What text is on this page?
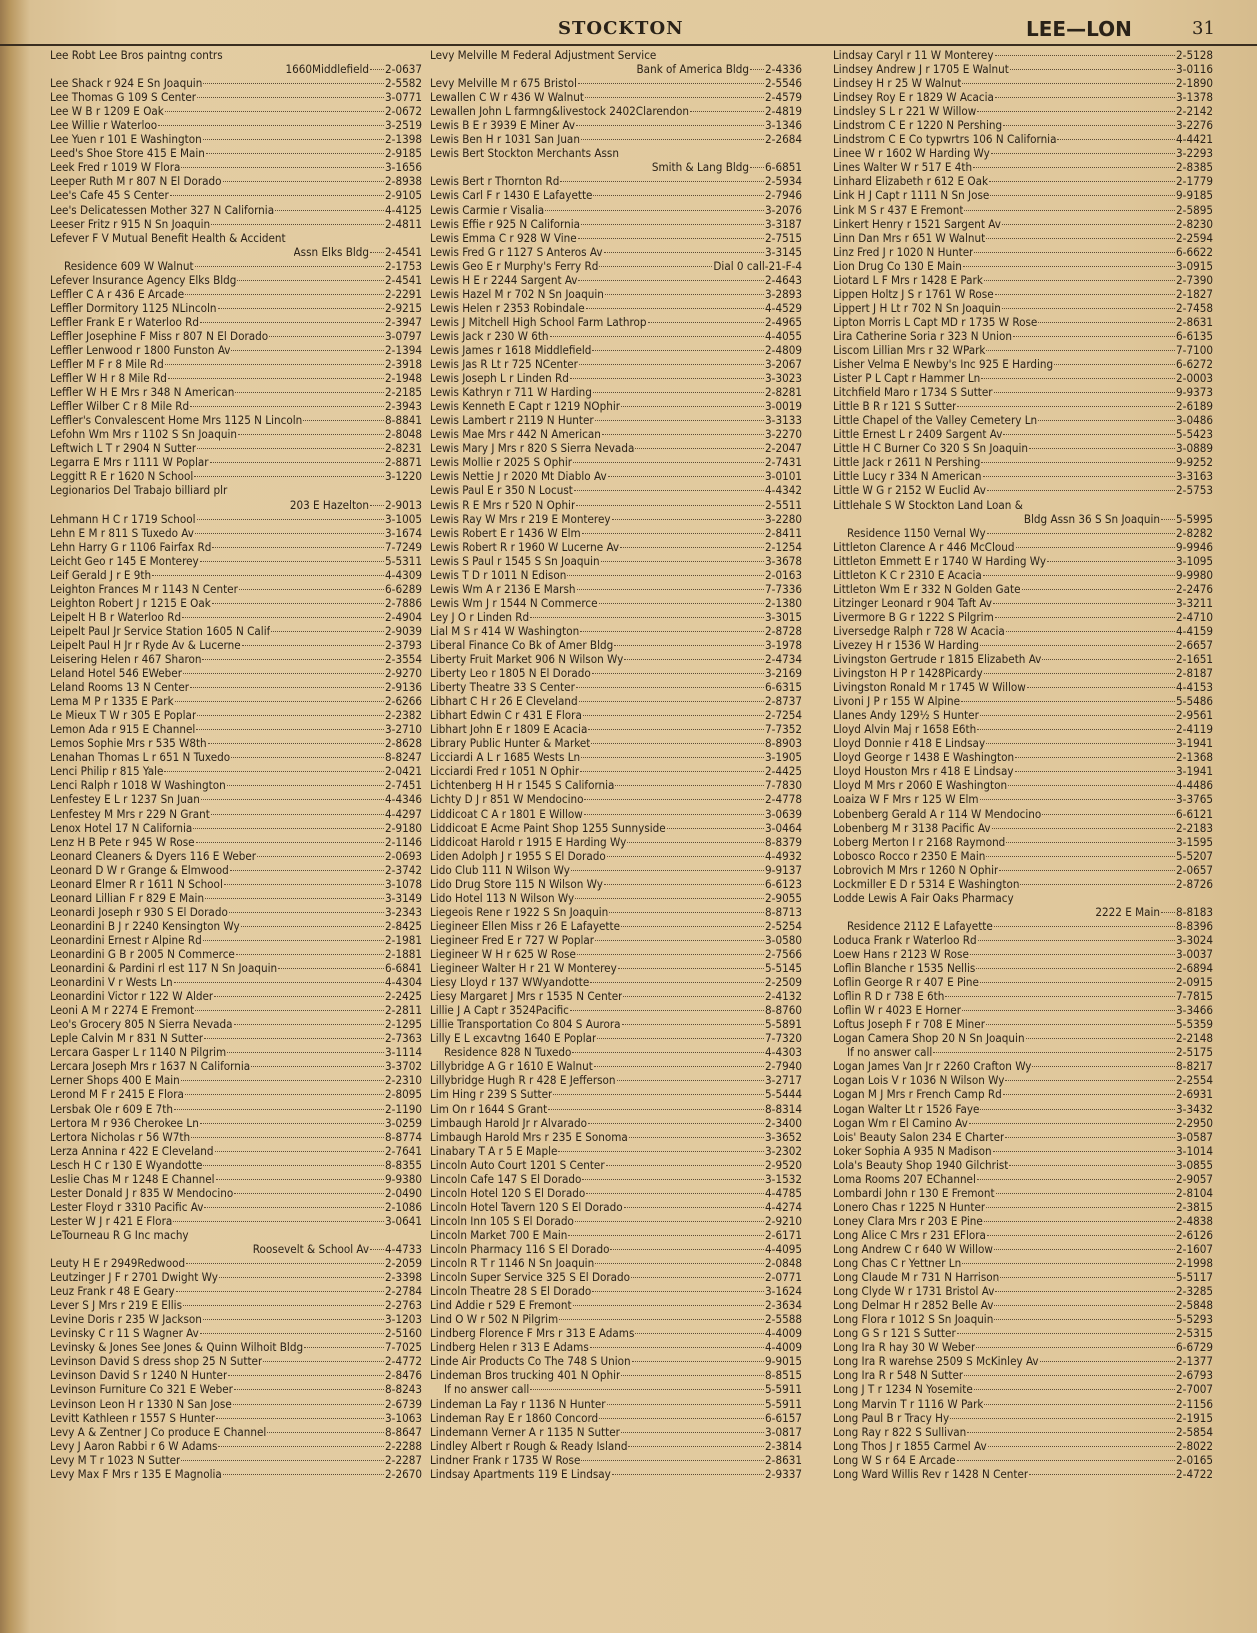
STOCKTON	LEE—LON	31
Lee Robt Lee Bros paintng contrs
1660Middlefield 2-0637
Lee Shack r 924 E Sn Joaquin	2-5582
Lee Thomas G 109 S Center	3-0771
Lee W B r 1209 E Oak	2-0672
Lee Willie r Waterloo	3-2519
Lee Yuen r 101 E Washington	2-1398
Leed's Shoe Store 415 E Main	2-9185
Leek Fred r 1019 W Flora	3-1656
Leeper Ruth M r 807 N El Dorado	2-8938
Lee's Cafe 45 S Center	2-9105
Lee's Delicatessen Mother 327 N California	4-4125
Leeser Fritz r 915 N Sn Joaquin	2-4811
Lefever F V Mutual Benefit Health & Accident
Assn Elks Bldg 2-4541
Residence 609 W Walnut	2-1753
Lefever Insurance Agency Elks Bldg	2-4541
Leffler C A r 436 E Arcade	2-2291
Leffler Dormitory 1125 NLincoln	2-9215
Leffler Frank E r Waterloo Rd	2-3947
Leffler Josephine F Miss r 807 N El Dorado	3-0797
Leffler Lenwood r 1800 Funston Av	2-1394
Leffler M F r 8 Mile Rd	2-3918
Leffler W H r 8 Mile Rd	2-1948
Leffler W H E Mrs r 348 N American	2-2185
Leffler Wilber C r 8 Mile Rd	2-3943
Leffler's Convalescent Home Mrs 1125 N Lincoln	8-8841
Lefohn Wm Mrs r 1102 S Sn Joaquin	2-8048
Leftwich L T r 2904 N Sutter	2-8231
Legarra E Mrs r 1111 W Poplar	2-8871
Leggitt R E r 1620 N School	3-1220
Legionarios Del Trabajo billiard plr
203 E Hazelton 2-9013
Lehmann H C r 1719 School	3-1005
Lehn E M r 811 S Tuxedo Av	3-1674
Lehn Harry G r 1106 Fairfax Rd	7-7249
Leicht Geo r 145 E Monterey	5-5311
Leif Gerald J r E 9th	4-4309
Leighton Frances M r 1143 N Center	6-6289
Leighton Robert J r 1215 E Oak	2-7886
Leipelt H B r Waterloo Rd	2-4904
Leipelt Paul Jr Service Station 1605 N Calif	2-9039
Leipelt Paul H Jr r Ryde Av & Lucerne	2-3793
Leisering Helen r 467 Sharon	2-3554
Leland Hotel 546 EWeber	2-9270
Leland Rooms 13 N Center	2-9136
Lema M P r 1335 E Park	2-6266
Le Mieux T W r 305 E Poplar	2-2382
Lemon Ada r 915 E Channel	3-2710
Lemos Sophie Mrs r 535 W8th	2-8628
Lenahan Thomas L r 651 N Tuxedo	8-8247
Lenci Philip r 815 Yale	2-0421
Lenci Ralph r 1018 W Washington	2-7451
Lenfestey E L r 1237 Sn Juan	4-4346
Lenfestey M Mrs r 229 N Grant	4-4297
Lenox Hotel 17 N California	2-9180
Lenz H B Pete r 945 W Rose	2-1146
Leonard Cleaners & Dyers 116 E Weber	2-0693
Leonard D W r Grange & Elmwood	2-3742
Leonard Elmer R r 1611 N School	3-1078
Leonard Lillian F r 829 E Main	3-3149
Leonardi Joseph r 930 S El Dorado	3-2343
Leonardini B J r 2240 Kensington Wy	2-8425
Leonardini Ernest r Alpine Rd	2-1981
Leonardini G B r 2005 N Commerce	2-1881
Leonardini & Pardini rl est 117 N Sn Joaquin	6-6841
Leonardini V r Wests Ln	4-4304
Leonardini Victor r 122 W Alder	2-2425
Leoni A M r 2274 E Fremont	2-2811
Leo's Grocery 805 N Sierra Nevada	2-1295
Leple Calvin M r 831 N Sutter	2-7363
Lercara Gasper L r 1140 N Pilgrim	3-1114
Lercara Joseph Mrs r 1637 N California	3-3702
Lerner Shops 400 E Main	2-2310
Lerond M F r 2415 E Flora	2-8095
Lersbak Ole r 609 E 7th	2-1190
Lertora M r 936 Cherokee Ln	3-0259
Lertora Nicholas r 56 W7th	8-8774
Lerza Annina r 422 E Cleveland	2-7641
Lesch H C r 130 E Wyandotte	8-8355
Leslie Chas M r 1248 E Channel	9-9380
Lester Donald J r 835 W Mendocino	2-0490
Lester Floyd r 3310 Pacific Av	2-1086
Lester W J r 421 E Flora	3-0641
LeTourneau R G Inc machy
Roosevelt & School Av 4-4733
Leuty H E r 2949Redwood	2-2059
Leutzinger J F r 2701 Dwight Wy	2-3398
Leuz Frank r 48 E Geary	2-2784
Lever S J Mrs r 219 E Ellis	2-2763
Levine Doris r 235 W Jackson	3-1203
Levinsky C r 11 S Wagner Av	2-5160
Levinsky & Jones See Jones & Quinn Wilhoit Bldg	7-7025
Levinson David S dress shop 25 N Sutter	2-4772
Levinson David S r 1240 N Hunter	2-8476
Levinson Furniture Co 321 E Weber	8-8243
Levinson Leon H r 1330 N San Jose	2-6739
Levitt Kathleen r 1557 S Hunter	3-1063
Levy A & Zentner J Co produce E Channel	8-8647
Levy J Aaron Rabbi r 6 W Adams	2-2288
Levy M T r 1023 N Sutter	2-2287
Levy Max F Mrs r 135 E Magnolia	2-2670
Levy Melville M Federal Adjustment Service
Bank of America Bldg 2-4336
Levy Melville M r 675 Bristol	2-5546
Lewallen C W r 436 W Walnut	2-4579
Lewallen John L farmng&livestock 2402Clarendon	2-4819
Lewis B E r 3939 E Miner Av	3-1346
Lewis Ben H r 1031 San Juan	2-2684
Lewis Bert Stockton Merchants Assn
Smith & Lang Bldg 6-6851
Lewis Bert r Thornton Rd	2-5934
Lewis Carl F r 1430 E Lafayette	2-7946
Lewis Carmie r Visalia	3-2076
Lewis Effie r 925 N California	3-3187
Lewis Emma C r 928 W Vine	2-7515
Lewis Fred G r 1127 S Anteros Av	3-3145
Lewis Geo E r Murphy's Ferry Rd	Dial 0 call-21-F-4
Lewis H E r 2244 Sargent Av	2-4643
Lewis Hazel M r 702 N Sn Joaquin	3-2893
Lewis Helen r 2353 Robindale	4-4529
Lewis J Mitchell High School Farm Lathrop	2-4965
Lewis Jack r 230 W 6th	4-4055
Lewis James r 1618 Middlefield	2-4809
Lewis Jas R Lt r 725 NCenter	3-2067
Lewis Joseph L r Linden Rd	3-3023
Lewis Kathryn r 711 W Harding	2-8281
Lewis Kenneth E Capt r 1219 NOphir	3-0019
Lewis Lambert r 2119 N Hunter	3-3133
Lewis Mae Mrs r 442 N American	3-2270
Lewis Mary J Mrs r 820 S Sierra Nevada	2-2047
Lewis Mollie r 2025 S Ophir	2-7431
Lewis Nettie J r 2020 Mt Diablo Av	3-0101
Lewis Paul E r 350 N Locust	4-4342
Lewis R E Mrs r 520 N Ophir	2-5511
Lewis Ray W Mrs r 219 E Monterey	3-2280
Lewis Robert E r 1436 W Elm	2-8411
Lewis Robert R r 1960 W Lucerne Av	2-1254
Lewis S Paul r 1545 S Sn Joaquin	3-3678
Lewis T D r 1011 N Edison	2-0163
Lewis Wm A r 2136 E Marsh	7-7336
Lewis Wm J r 1544 N Commerce	2-1380
Ley J O r Linden Rd	3-3015
Lial M S r 414 W Washington	2-8728
Liberal Finance Co Bk of Amer Bldg	3-1978
Liberty Fruit Market 906 N Wilson Wy	2-4734
Liberty Leo r 1805 N El Dorado	3-2169
Liberty Theatre 33 S Center	6-6315
Libhart C H r 26 E Cleveland	2-8737
Libhart Edwin C r 431 E Flora	2-7254
Libhart John E r 1809 E Acacia	7-7352
Library Public Hunter & Market	8-8903
Licciardi A L r 1685 Wests Ln	3-1905
Licciardi Fred r 1051 N Ophir	2-4425
Lichtenberg H H r 1545 S California	7-7830
Lichty D J r 851 W Mendocino	2-4778
Liddicoat C A r 1801 E Willow	3-0639
Liddicoat E Acme Paint Shop 1255 Sunnyside	3-0464
Liddicoat Harold r 1915 E Harding Wy	8-8379
Liden Adolph J r 1955 S El Dorado	4-4932
Lido Club 111 N Wilson Wy	9-9137
Lido Drug Store 115 N Wilson Wy	6-6123
Lido Hotel 113 N Wilson Wy	2-9055
Liegeois Rene r 1922 S Sn Joaquin	8-8713
Liegineer Ellen Miss r 26 E Lafayette	2-5254
Liegineer Fred E r 727 W Poplar	3-0580
Liegineer W H r 625 W Rose	2-7566
Liegineer Walter H r 21 W Monterey	5-5145
Liesy Lloyd r 137 WWyandotte	2-2509
Liesy Margaret J Mrs r 1535 N Center	2-4132
Lillie J A Capt r 3524Pacific	8-8760
Lillie Transportation Co 804 S Aurora	5-5891
Lilly E L excavtng 1640 E Poplar	7-7320
Residence 828 N Tuxedo	4-4303
Lillybridge A G r 1610 E Walnut	2-7940
Lillybridge Hugh R r 428 E Jefferson	3-2717
Lim Hing r 239 S Sutter	5-5444
Lim On r 1644 S Grant	8-8314
Limbaugh Harold Jr r Alvarado	2-3400
Limbaugh Harold Mrs r 235 E Sonoma	3-3652
Linabary T A r 5 E Maple	3-2302
Lincoln Auto Court 1201 S Center	2-9520
Lincoln Cafe 147 S El Dorado	3-1532
Lincoln Hotel 120 S El Dorado	4-4785
Lincoln Hotel Tavern 120 S El Dorado	4-4274
Lincoln Inn 105 S El Dorado	2-9210
Lincoln Market 700 E Main	2-6171
Lincoln Pharmacy 116 S El Dorado	4-4095
Lincoln R T r 1146 N Sn Joaquin	2-0848
Lincoln Super Service 325 S El Dorado	2-0771
Lincoln Theatre 28 S El Dorado	3-1624
Lind Addie r 529 E Fremont	2-3634
Lind O W r 502 N Pilgrim	2-5588
Lindberg Florence F Mrs r 313 E Adams	4-4009
Lindberg Helen r 313 E Adams	4-4009
Linde Air Products Co The 748 S Union	9-9015
Lindeman Bros trucking 401 N Ophir	8-8515
If no answer call	5-5911
Lindeman La Fay r 1136 N Hunter	5-5911
Lindeman Ray E r 1860 Concord	6-6157
Lindemann Verner A r 1135 N Sutter	3-0817
Lindley Albert r Rough & Ready Island	2-3814
Lindner Frank r 1735 W Rose	2-8631
Lindsay Apartments 119 E Lindsay	2-9337
Lindsay Caryl r 11 W Monterey	2-5128
Lindsey Andrew J r 1705 E Walnut	3-0116
Lindsey H r 25 W Walnut	2-1890
Lindsey Roy E r 1829 W Acacia	3-1378
Lindsley S L r 221 W Willow	2-2142
Lindstrom C E r 1220 N Pershing	3-2276
Lindstrom C E Co typwrtrs 106 N California	4-4421
Linee W r 1602 W Harding Wy	3-2293
Lines Walter W r 517 E 4th	2-8385
Linhard Elizabeth r 612 E Oak	2-1779
Link H J Capt r 1111 N Sn Jose	9-9185
Link M S r 437 E Fremont	2-5895
Linkert Henry r 1521 Sargent Av	2-8230
Linn Dan Mrs r 651 W Walnut	2-2594
Linz Fred J r 1020 N Hunter	6-6622
Lion Drug Co 130 E Main	3-0915
Liotard L F Mrs r 1428 E Park	2-7390
Lippen Holtz J S r 1761 W Rose	2-1827
Lippert J H Lt r 702 N Sn Joaquin	2-7458
Lipton Morris L Capt MD r 1735 W Rose	2-8631
Lira Catherine Soria r 323 N Union	6-6135
Liscom Lillian Mrs r 32 WPark	7-7100
Lisher Velma E Newby's Inc 925 E Harding	6-6272
Lister P L Capt r Hammer Ln	2-0003
Litchfield Maro r 1734 S Sutter	9-9373
Little B R r 121 S Sutter	2-6189
Little Chapel of the Valley Cemetery Ln	3-0486
Little Ernest L r 2409 Sargent Av	5-5423
Little H C Burner Co 320 S Sn Joaquin	3-0889
Little Jack r 2611 N Pershing	9-9252
Little Lucy r 334 N American	3-3163
Little W G r 2152 W Euclid Av	2-5753
Littlehale S W Stockton Land Loan &
Bldg Assn 36 S Sn Joaquin 5-5995
Residence 1150 Vernal Wy	2-8282
Littleton Clarence A r 446 McCloud	9-9946
Littleton Emmett E r 1740 W Harding Wy	3-1095
Littleton K C r 2310 E Acacia	9-9980
Littleton Wm E r 332 N Golden Gate	2-2476
Litzinger Leonard r 904 Taft Av	3-3211
Livermore B G r 1222 S Pilgrim	2-4710
Liversedge Ralph r 728 W Acacia	4-4159
Livezey H r 1536 W Harding	2-6657
Livingston Gertrude r 1815 Elizabeth Av	2-1651
Livingston H P r 1428Picardy	2-8187
Livingston Ronald M r 1745 W Willow	4-4153
Livoni J P r 155 W Alpine	5-5486
Llanes Andy 129½ S Hunter	2-9561
Lloyd Alvin Maj r 1658 E6th	2-4119
Lloyd Donnie r 418 E Lindsay	3-1941
Lloyd George r 1438 E Washington	2-1368
Lloyd Houston Mrs r 418 E Lindsay	3-1941
Lloyd M Mrs r 2060 E Washington	4-4486
Loaiza W F Mrs r 125 W Elm	3-3765
Lobenberg Gerald A r 114 W Mendocino	6-6121
Lobenberg M r 3138 Pacific Av	2-2183
Loberg Merton I r 2168 Raymond	3-1595
Lobosco Rocco r 2350 E Main	5-5207
Lobrovich M Mrs r 1260 N Ophir	2-0657
Lockmiller E D r 5314 E Washington	2-8726
Lodde Lewis A Fair Oaks Pharmacy
2222 E Main 8-8183
Residence 2112 E Lafayette	8-8396
Loduca Frank r Waterloo Rd	3-3024
Loew Hans r 2123 W Rose	3-0037
Loflin Blanche r 1535 Nellis	2-6894
Loflin George R r 407 E Pine	2-0915
Loflin R D r 738 E 6th	7-7815
Loflin W r 4023 E Horner	3-3466
Loftus Joseph F r 708 E Miner	5-5359
Logan Camera Shop 20 N Sn Joaquin	2-2148
If no answer call	2-5175
Logan James Van Jr r 2260 Crafton Wy	8-8217
Logan Lois V r 1036 N Wilson Wy	2-2554
Logan M J Mrs r French Camp Rd	2-6931
Logan Walter Lt r 1526 Faye	3-3432
Logan Wm r El Camino Av	2-2950
Lois' Beauty Salon 234 E Charter	3-0587
Loker Sophia A 935 N Madison	3-1014
Lola's Beauty Shop 1940 Gilchrist	3-0855
Loma Rooms 207 EChannel	2-9057
Lombardi John r 130 E Fremont	2-8104
Lonero Chas r 1225 N Hunter	2-3815
Loney Clara Mrs r 203 E Pine	2-4838
Long Alice C Mrs r 231 EFlora	2-6126
Long Andrew C r 640 W Willow	2-1607
Long Chas C r Yettner Ln	2-1998
Long Claude M r 731 N Harrison	5-5117
Long Clyde W r 1731 Bristol Av	2-3285
Long Delmar H r 2852 Belle Av	2-5848
Long Flora r 1012 S Sn Joaquin	5-5293
Long G S r 121 S Sutter	2-5315
Long Ira R hay 30 W Weber	6-6729
Long Ira R warehse 2509 S McKinley Av	2-1377
Long Ira R r 548 N Sutter	2-6793
Long J T r 1234 N Yosemite	2-7007
Long Marvin T r 1116 W Park	2-1156
Long Paul B r Tracy Hy	2-1915
Long Ray r 822 S Sullivan	2-5854
Long Thos J r 1855 Carmel Av	2-8022
Long W S r 64 E Arcade	2-0165
Long Ward Willis Rev r 1428 N Center	2-4722
